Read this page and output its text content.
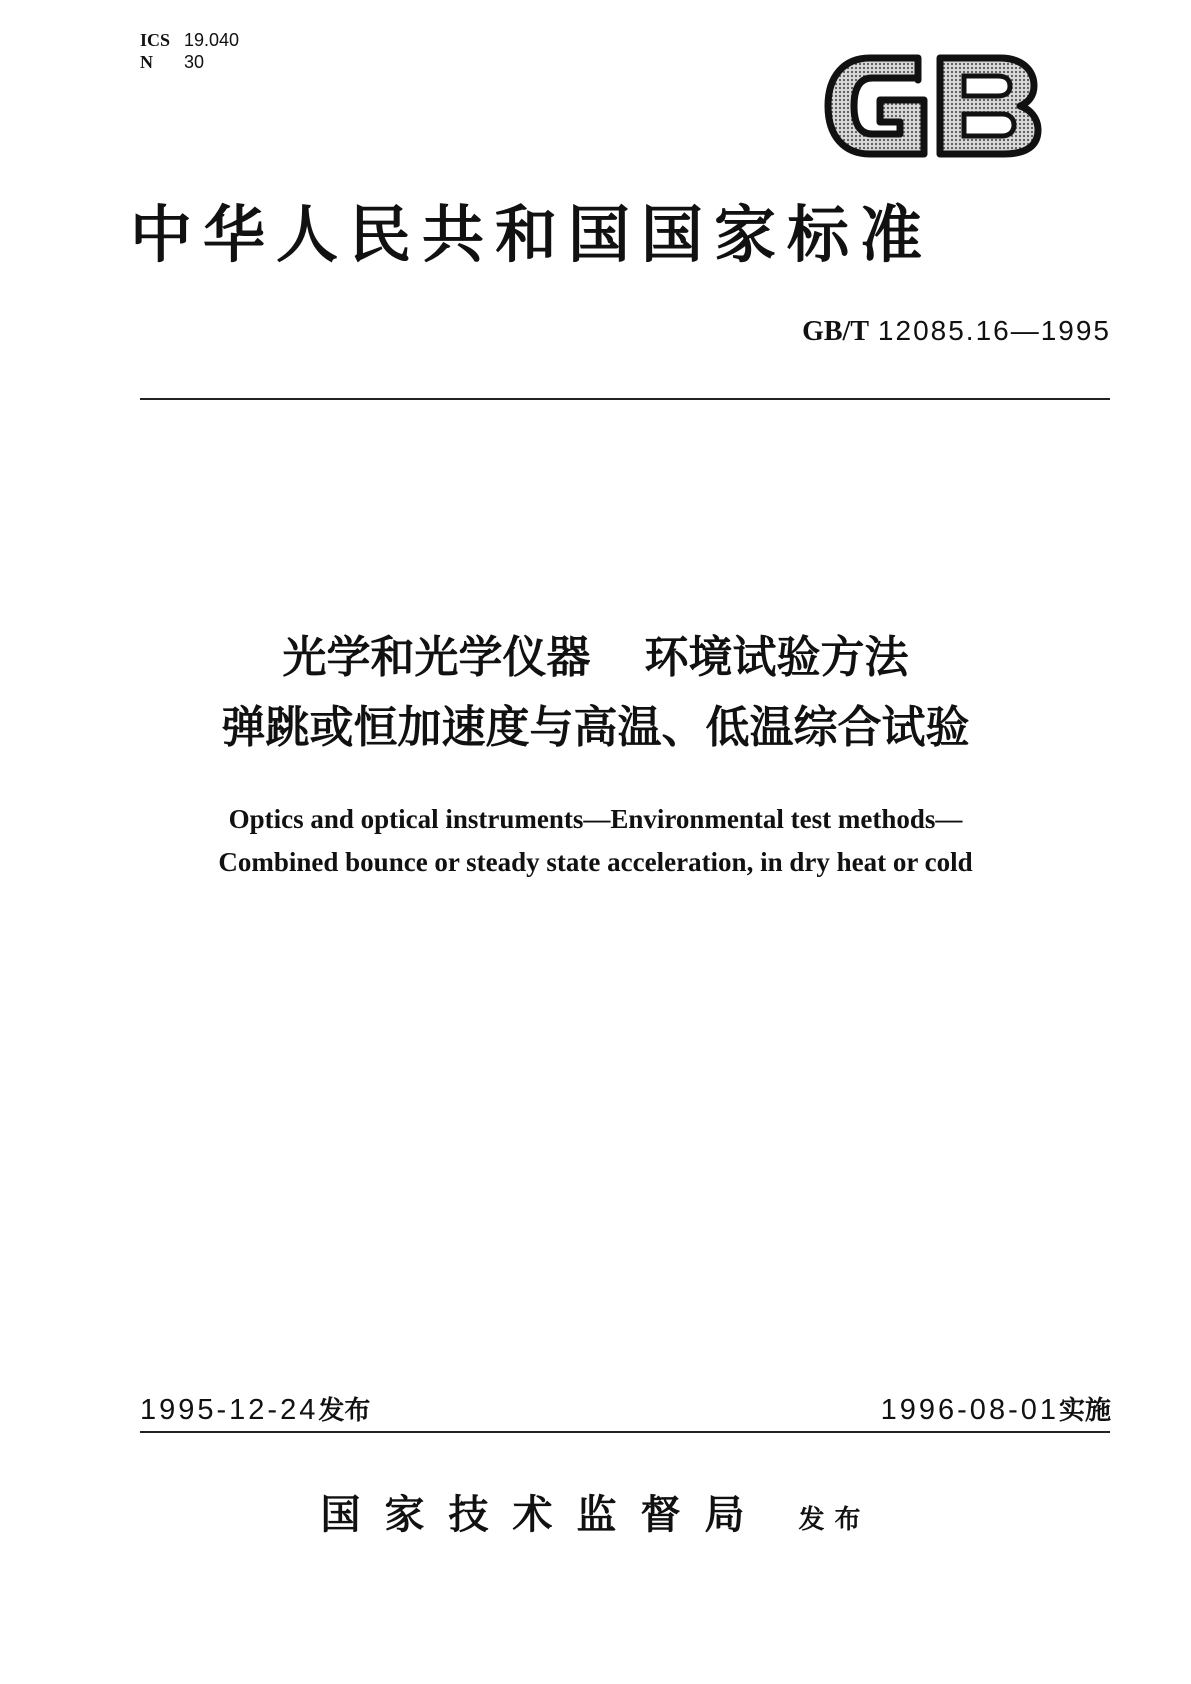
ICS 19.040
N 30
中华人民共和国国家标准
GB/T 12085.16—1995
光学和光学仪器 环境试验方法
弹跳或恒加速度与高温、低温综合试验
Optics and optical instruments—Environmental test methods—
Combined bounce or steady state acceleration, in dry heat or cold
1995-12-24发布	1996-08-01实施
国家技术监督局 发布
